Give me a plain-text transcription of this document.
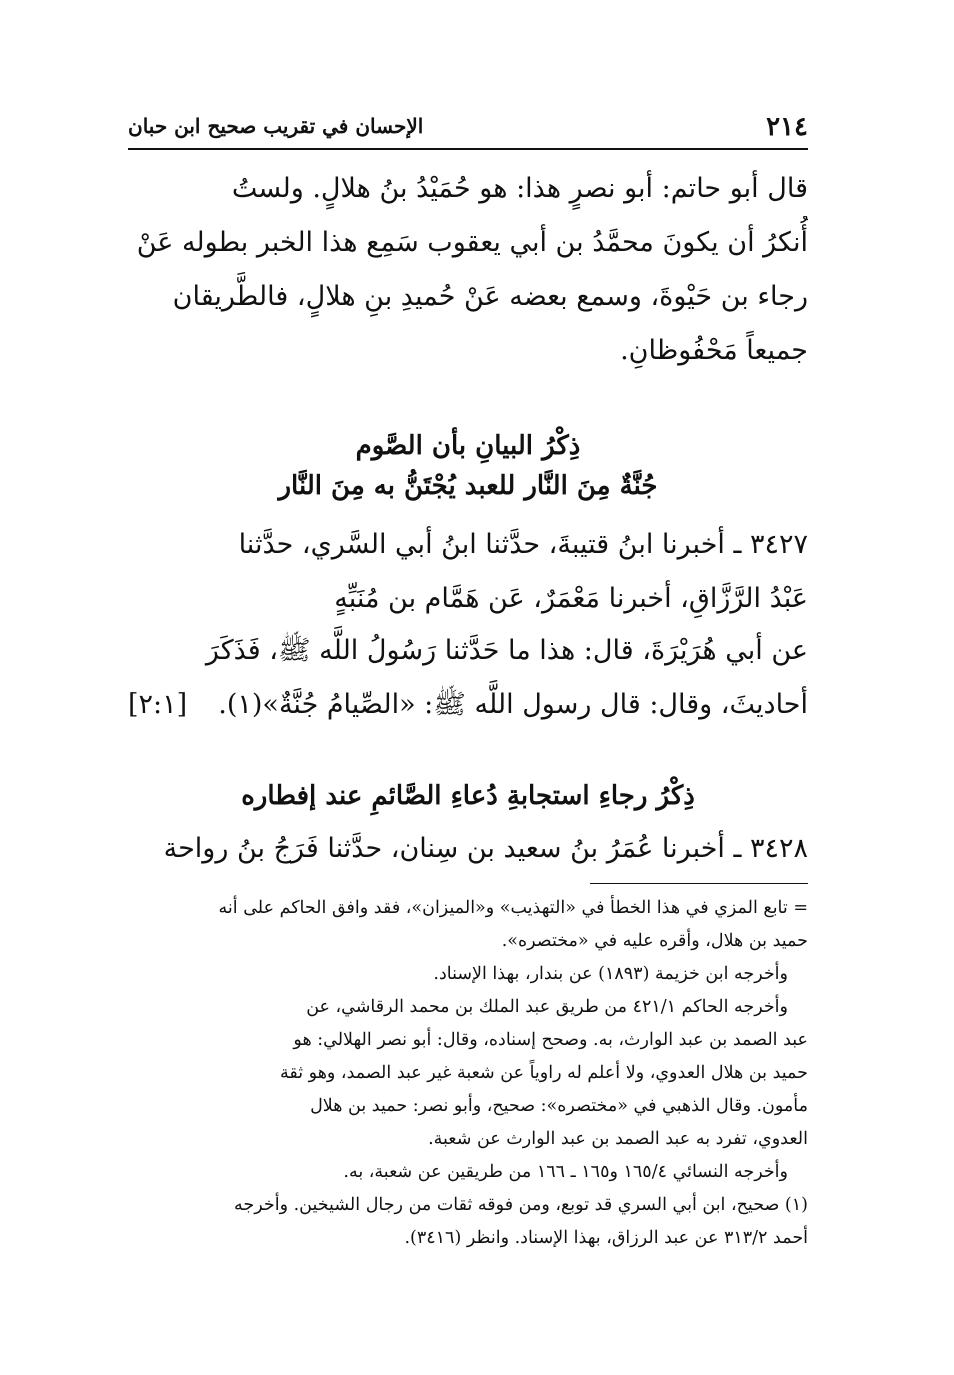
٢١٤
الإحسان في تقريب صحيح ابن حبان
قال أبو حاتم: أبو نصرٍ هذا: هو حُمَيْدُ بنُ هلالٍ. ولستُ
أُنكرُ أن يكونَ محمَّدُ بن أبي يعقوب سَمِع هذا الخبر بطوله عَنْ
رجاء بن حَيْوةَ، وسمع بعضه عَنْ حُميدِ بنِ هلالٍ، فالطَّريقان
جميعاً مَحْفُوظانِ.
ذِكْرُ البيانِ بأن الصَّوم
جُنَّةٌ مِنَ النَّار للعبد يُجْتَنُّ به مِنَ النَّار
٣٤٢٧ ـ أخبرنا ابنُ قتيبةَ، حدَّثنا ابنُ أبي السَّري، حدَّثنا
عَبْدُ الرَّزَّاقِ، أخبرنا مَعْمَرٌ، عَن هَمَّام بن مُنَبِّهٍ
عن أبي هُرَيْرَةَ، قال: هذا ما حَدَّثنا رَسُولُ اللَّه ﷺ، فَذَكَرَ
أحاديثَ، وقال: قال رسول اللَّه ﷺ: «الصِّيامُ جُنَّةٌ»(١).
[٢:١]
ذِكْرُ رجاءِ استجابةِ دُعاءِ الصَّائمِ عند إفطاره
٣٤٢٨ ـ أخبرنا عُمَرُ بنُ سعيد بن سِنان، حدَّثنا فَرَجُ بنُ رواحة
= تابع المزي في هذا الخطأ في «التهذيب» و«الميزان»، فقد وافق الحاكم على أنه
حميد بن هلال، وأقره عليه في «مختصره».
وأخرجه ابن خزيمة (١٨٩٣) عن بندار، بهذا الإسناد.
وأخرجه الحاكم ٤٢١/١ من طريق عبد الملك بن محمد الرقاشي، عن
عبد الصمد بن عبد الوارث، به. وصحح إسناده، وقال: أبو نصر الهلالي: هو
حميد بن هلال العدوي، ولا أعلم له راوياً عن شعبة غير عبد الصمد، وهو ثقة
مأمون. وقال الذهبي في «مختصره»: صحيح، وأبو نصر: حميد بن هلال
العدوي، تفرد به عبد الصمد بن عبد الوارث عن شعبة.
وأخرجه النسائي ١٦٥/٤ و١٦٥ ـ ١٦٦ من طريقين عن شعبة، به.
(١) صحيح، ابن أبي السري قد توبع، ومن فوقه ثقات من رجال الشيخين. وأخرجه
أحمد ٣١٣/٢ عن عبد الرزاق، بهذا الإسناد. وانظر (٣٤١٦).
